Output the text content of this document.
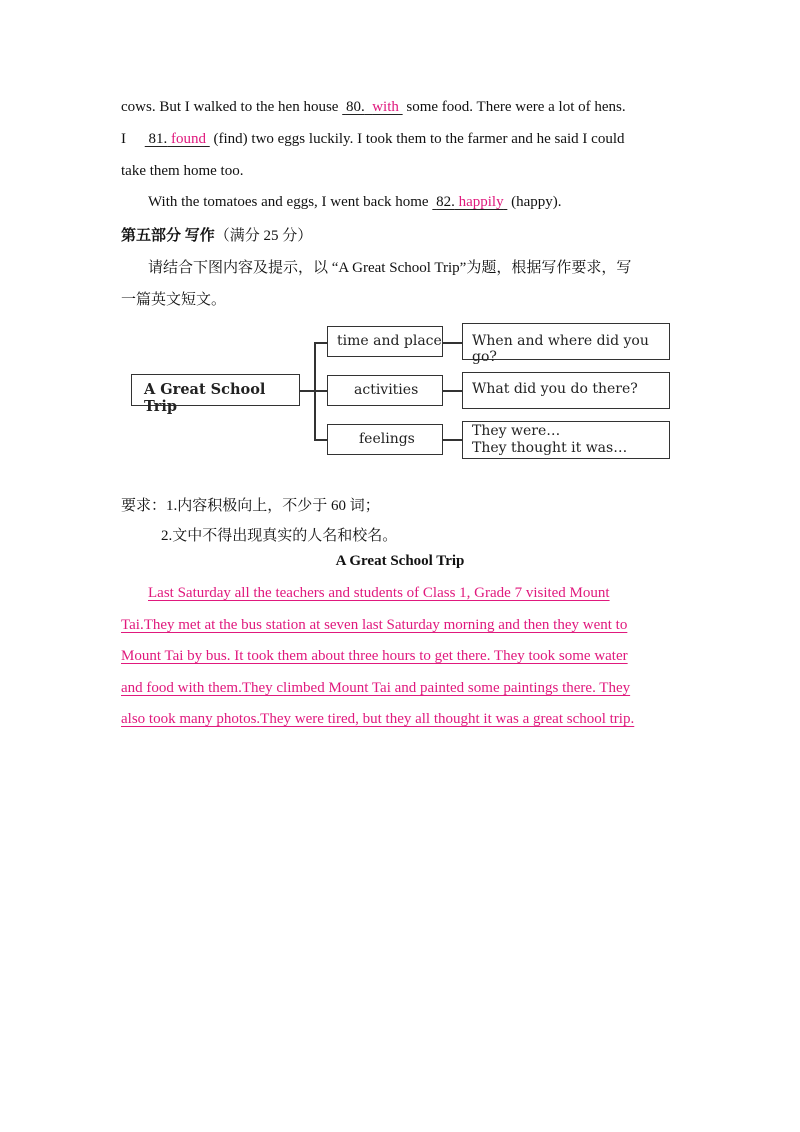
cows. But I walked to the hen house  80. with  some food. There were a lot of hens.
I      81. found  (find) two eggs luckily. I took them to the farmer and he said I could
take them home too.
With the tomatoes and eggs, I went back home  82. happily  (happy).
第五部分 写作（满分 25 分）
请结合下图内容及提示，以 “A Great School Trip”为题，根据写作要求，写
一篇英文短文。
A Great School Trip
time and place
activities
feelings
When and where did you go?
What did you do there?
They were…
They thought it was…
要求：1.内容积极向上，不少于 60 词；
2.文中不得出现真实的人名和校名。
A Great School Trip
Last Saturday all the teachers and students of Class 1, Grade 7 visited Mount
Tai.They met at the bus station at seven last Saturday morning and then they went to
Mount Tai by bus. It took them about three hours to get there. They took some water
and food with them.They climbed Mount Tai and painted some paintings there. They
also took many photos.They were tired, but they all thought it was a great school trip.
